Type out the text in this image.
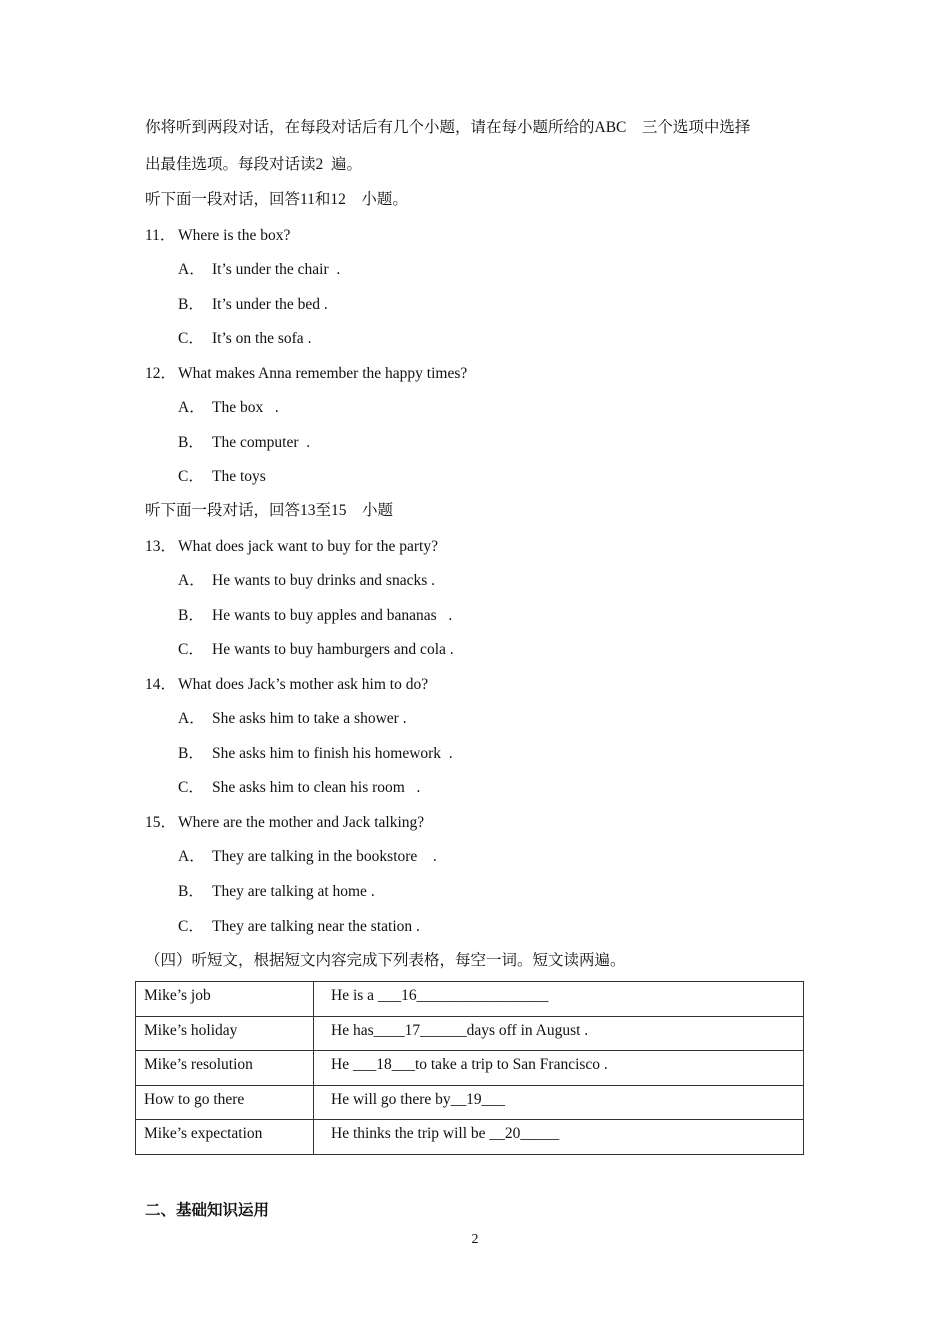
你将听到两段对话，在每段对话后有几个小题，请在每小题所给的ABC　三个选项中选择
出最佳选项。每段对话读2  遍。
听下面一段对话，回答11和12　小题。
11． Where is the box?
A． It’s under the chair  .
B． It’s under the bed .
C． It’s on the sofa .
12． What makes Anna remember the happy times?
A． The box   .
B． The computer  .
C． The toys
听下面一段对话，回答13至15　小题
13． What does jack want to buy for the party?
A． He wants to buy drinks and snacks .
B． He wants to buy apples and bananas   .
C． He wants to buy hamburgers and cola .
14． What does Jack’s mother ask him to do?
A． She asks him to take a shower .
B． She asks him to finish his homework  .
C． She asks him to clean his room   .
15． Where are the mother and Jack talking?
A． They are talking in the bookstore    .
B． They are talking at home .
C． They are talking near the station .
（四）听短文，根据短文内容完成下列表格，每空一词。短文读两遍。
Mike’s job	He is a ___16_________________
Mike’s holiday	He has____17______days off in August .
Mike’s resolution	He ___18___to take a trip to San Francisco .
How to go there	He will go there by__19___
Mike’s expectation	He thinks the trip will be __20_____
二、基础知识运用
2
